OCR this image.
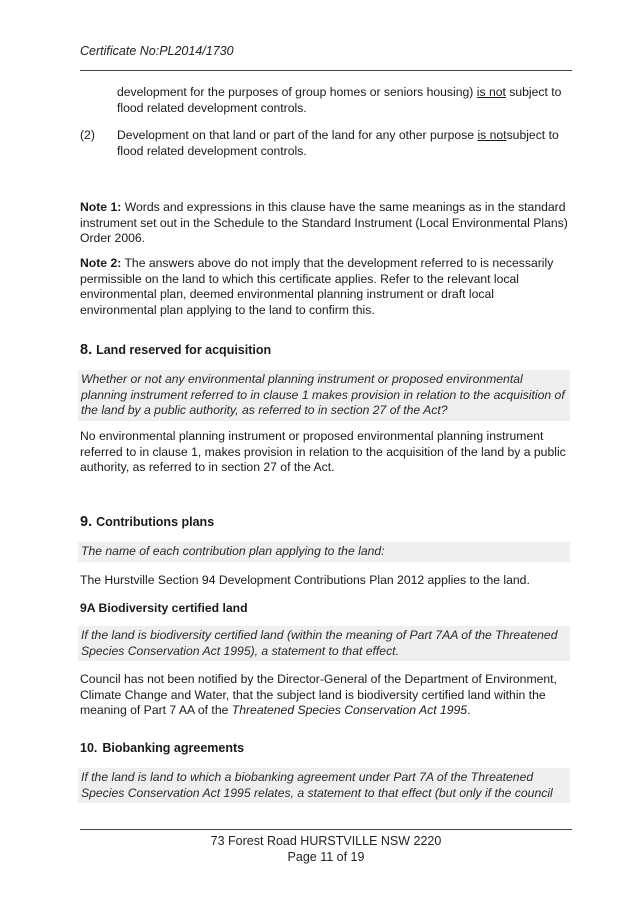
Certificate No:PL2014/1730
development for the purposes of group homes or seniors housing) is not subject to flood related development controls.
(2) Development on that land or part of the land for any other purpose is notsubject to flood related development controls.
Note 1: Words and expressions in this clause have the same meanings as in the standard instrument set out in the Schedule to the Standard Instrument (Local Environmental Plans) Order 2006.
Note 2: The answers above do not imply that the development referred to is necessarily permissible on the land to which this certificate applies. Refer to the relevant local environmental plan, deemed environmental planning instrument or draft local environmental plan applying to the land to confirm this.
8. Land reserved for acquisition
Whether or not any environmental planning instrument or proposed environmental planning instrument referred to in clause 1 makes provision in relation to the acquisition of the land by a public authority, as referred to in section 27 of the Act?
No environmental planning instrument or proposed environmental planning instrument referred to in clause 1, makes provision in relation to the acquisition of the land by a public authority, as referred to in section 27 of the Act.
9. Contributions plans
The name of each contribution plan applying to the land:
The Hurstville Section 94 Development Contributions Plan 2012 applies to the land.
9A Biodiversity certified land
If the land is biodiversity certified land (within the meaning of Part 7AA of the Threatened Species Conservation Act 1995), a statement to that effect.
Council has not been notified by the Director-General of the Department of Environment, Climate Change and Water, that the subject land is biodiversity certified land within the meaning of Part 7 AA of the Threatened Species Conservation Act 1995.
10. Biobanking agreements
If the land is land to which a biobanking agreement under Part 7A of the Threatened Species Conservation Act 1995 relates, a statement to that effect (but only if the council
73 Forest Road HURSTVILLE NSW 2220
Page 11 of 19
